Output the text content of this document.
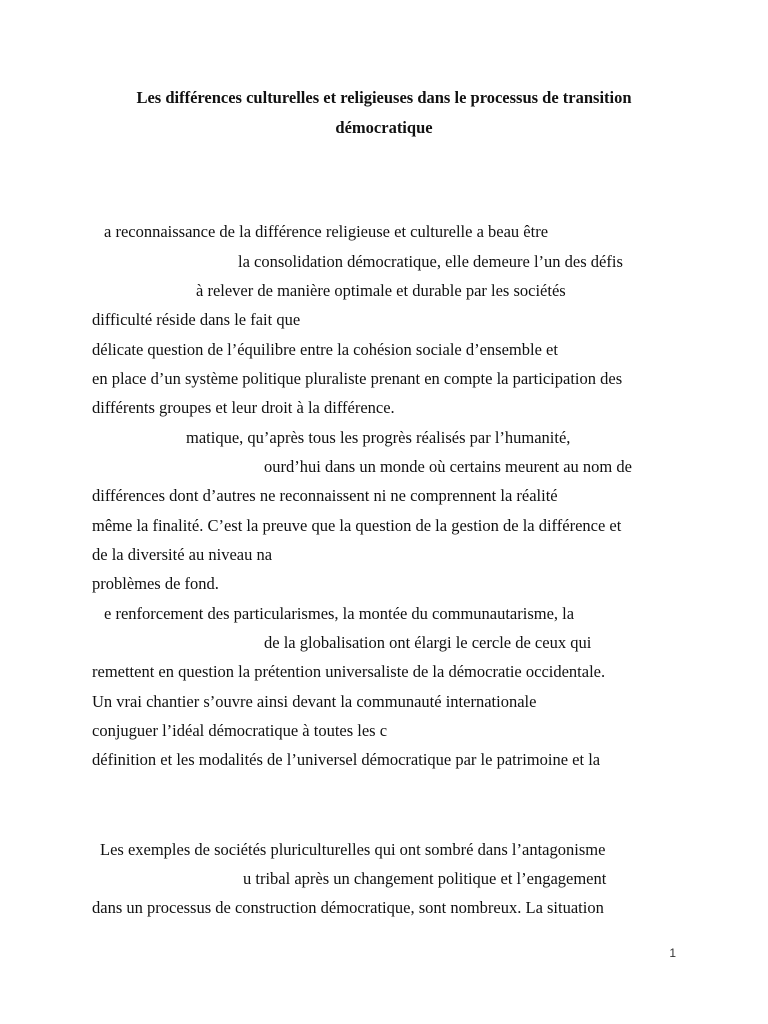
Les différences culturelles et religieuses dans le processus de transition
démocratique
a reconnaissance de la différence religieuse et culturelle a beau être
la consolidation démocratique, elle demeure l’un des défis
à relever de manière optimale et durable par les sociétés
difficulté réside dans le fait que
délicate question de l’équilibre entre la cohésion sociale d’ensemble et
en place d’un système politique pluraliste prenant en compte la participation des
différents groupes et leur droit à la différence.
matique, qu’après tous les progrès réalisés par l’humanité,
ourd’hui dans un monde où certains meurent au nom de
différences dont d’autres ne reconnaissent ni ne comprennent la réalité
même la finalité. C’est la preuve que la question de la gestion de la différence et
de la diversité au niveau na
problèmes de fond.
e renforcement des particularismes, la montée du communautarisme, la
de la globalisation ont élargi le cercle de ceux qui
remettent en question la prétention universaliste de la démocratie occidentale.
Un vrai chantier s’ouvre ainsi devant la communauté internationale
conjuguer l’idéal démocratique à toutes les c
définition et les modalités de l’universel démocratique par le patrimoine et la
Les exemples de sociétés pluriculturelles qui ont sombré dans l’antagonisme
u tribal après un changement politique et l’engagement
dans un processus de construction démocratique, sont nombreux. La situation
1
